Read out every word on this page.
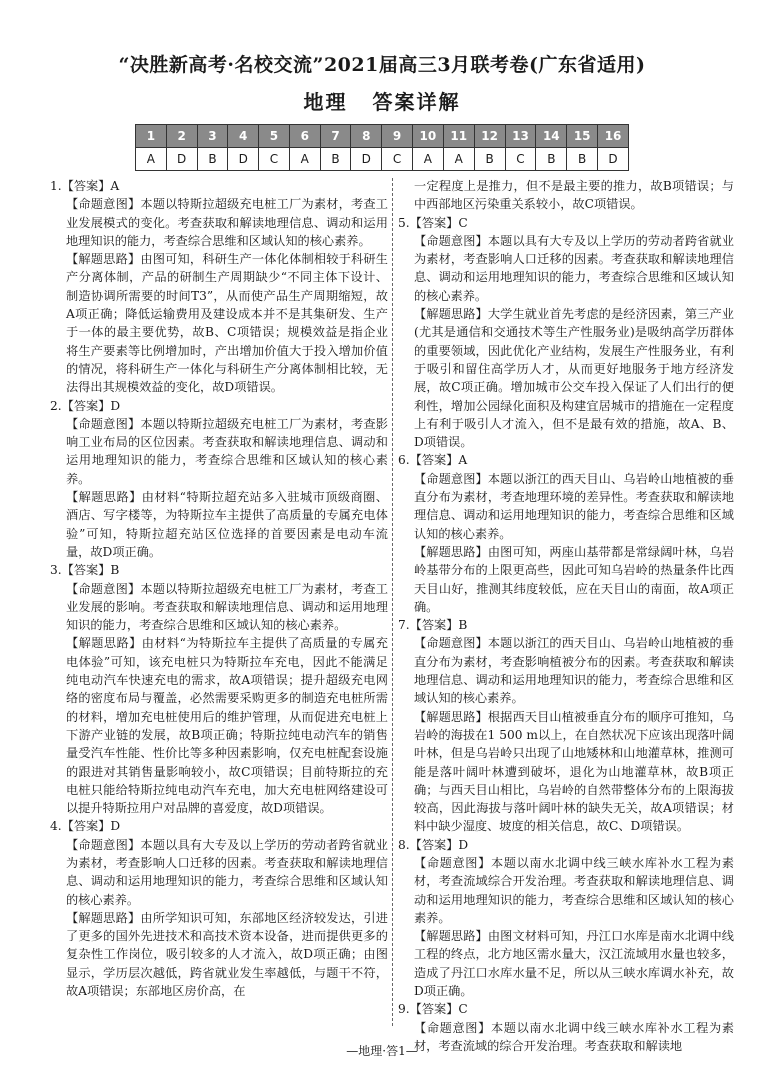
“决胜新高考·名校交流”2021届高三3月联考卷(广东省适用)
地理 答案详解
1	2	3	4	5	6	7	8	9	10	11	12	13	14	15	16
A	D	B	D	C	A	B	D	C	A	A	B	C	B	B	D

1.【答案】A

【命题意图】本题以特斯拉超级充电桩工厂为素材，考查工业发展模式的变化。考查获取和解读地理信息、调动和运用地理知识的能力，考查综合思维和区域认知的核心素养。

【解题思路】由图可知，科研生产一体化体制相较于科研生产分离体制，产品的研制生产周期缺少“不同主体下设计、制造协调所需要的时间T3”，从而使产品生产周期缩短，故A项正确；降低运输费用及建设成本并不是其集研发、生产于一体的最主要优势，故B、C项错误；规模效益是指企业将生产要素等比例增加时，产出增加价值大于投入增加价值的情况，将科研生产一体化与科研生产分离体制相比较，无法得出其规模效益的变化，故D项错误。

2.【答案】D

【命题意图】本题以特斯拉超级充电桩工厂为素材，考查影响工业布局的区位因素。考查获取和解读地理信息、调动和运用地理知识的能力，考查综合思维和区域认知的核心素养。

【解题思路】由材料“特斯拉超充站多入驻城市顶级商圈、酒店、写字楼等，为特斯拉车主提供了高质量的专属充电体验”可知，特斯拉超充站区位选择的首要因素是电动车流量，故D项正确。

3.【答案】B

【命题意图】本题以特斯拉超级充电桩工厂为素材，考查工业发展的影响。考查获取和解读地理信息、调动和运用地理知识的能力，考查综合思维和区域认知的核心素养。

【解题思路】由材料“为特斯拉车主提供了高质量的专属充电体验”可知，该充电桩只为特斯拉车充电，因此不能满足纯电动汽车快速充电的需求，故A项错误；提升超级充电网络的密度布局与覆盖，必然需要采购更多的制造充电桩所需的材料，增加充电桩使用后的维护管理，从而促进充电桩上下游产业链的发展，故B项正确；特斯拉纯电动汽车的销售量受汽车性能、性价比等多种因素影响，仅充电桩配套设施的跟进对其销售量影响较小，故C项错误；目前特斯拉的充电桩只能给特斯拉纯电动汽车充电，加大充电桩网络建设可以提升特斯拉用户对品牌的喜爱度，故D项错误。

4.【答案】D

【命题意图】本题以具有大专及以上学历的劳动者跨省就业为素材，考查影响人口迁移的因素。考查获取和解读地理信息、调动和运用地理知识的能力，考查综合思维和区域认知的核心素养。

【解题思路】由所学知识可知，东部地区经济较发达，引进了更多的国外先进技术和高技术资本设备，进而提供更多的复杂性工作岗位，吸引较多的人才流入，故D项正确；由图显示，学历层次越低，跨省就业发生率越低，与题干不符，故A项错误；东部地区房价高，在

一定程度上是推力，但不是最主要的推力，故B项错误；与中西部地区污染重关系较小，故C项错误。

5.【答案】C

【命题意图】本题以具有大专及以上学历的劳动者跨省就业为素材，考查影响人口迁移的因素。考查获取和解读地理信息、调动和运用地理知识的能力，考查综合思维和区域认知的核心素养。

【解题思路】大学生就业首先考虑的是经济因素，第三产业(尤其是通信和交通技术等生产性服务业)是吸纳高学历群体的重要领域，因此优化产业结构，发展生产性服务业，有利于吸引和留住高学历人才，从而更好地服务于地方经济发展，故C项正确。增加城市公交车投入保证了人们出行的便利性，增加公园绿化面积及构建宜居城市的措施在一定程度上有利于吸引人才流入，但不是最有效的措施，故A、B、D项错误。

6.【答案】A

【命题意图】本题以浙江的西天目山、乌岩岭山地植被的垂直分布为素材，考查地理环境的差异性。考查获取和解读地理信息、调动和运用地理知识的能力，考查综合思维和区域认知的核心素养。

【解题思路】由图可知，两座山基带都是常绿阔叶林，乌岩岭基带分布的上限更高些，因此可知乌岩岭的热量条件比西天目山好，推测其纬度较低，应在天目山的南面，故A项正确。

7.【答案】B

【命题意图】本题以浙江的西天目山、乌岩岭山地植被的垂直分布为素材，考查影响植被分布的因素。考查获取和解读地理信息、调动和运用地理知识的能力，考查综合思维和区域认知的核心素养。

【解题思路】根据西天目山植被垂直分布的顺序可推知，乌岩岭的海拔在1 500 m以上，在自然状况下应该出现落叶阔叶林，但是乌岩岭只出现了山地矮林和山地灌草林，推测可能是落叶阔叶林遭到破坏，退化为山地灌草林，故B项正确；与西天目山相比，乌岩岭的自然带整体分布的上限海拔较高，因此海拔与落叶阔叶林的缺失无关，故A项错误；材料中缺少湿度、坡度的相关信息，故C、D项错误。

8.【答案】D

【命题意图】本题以南水北调中线三峡水库补水工程为素材，考查流域综合开发治理。考查获取和解读地理信息、调动和运用地理知识的能力，考查综合思维和区域认知的核心素养。

【解题思路】由图文材料可知，丹江口水库是南水北调中线工程的终点，北方地区需水量大，汉江流域用水量也较多，造成了丹江口水库水量不足，所以从三峡水库调水补充，故D项正确。

9.【答案】C

【命题意图】本题以南水北调中线三峡水库补水工程为素材，考查流域的综合开发治理。考查获取和解读地

—地理·答1—
